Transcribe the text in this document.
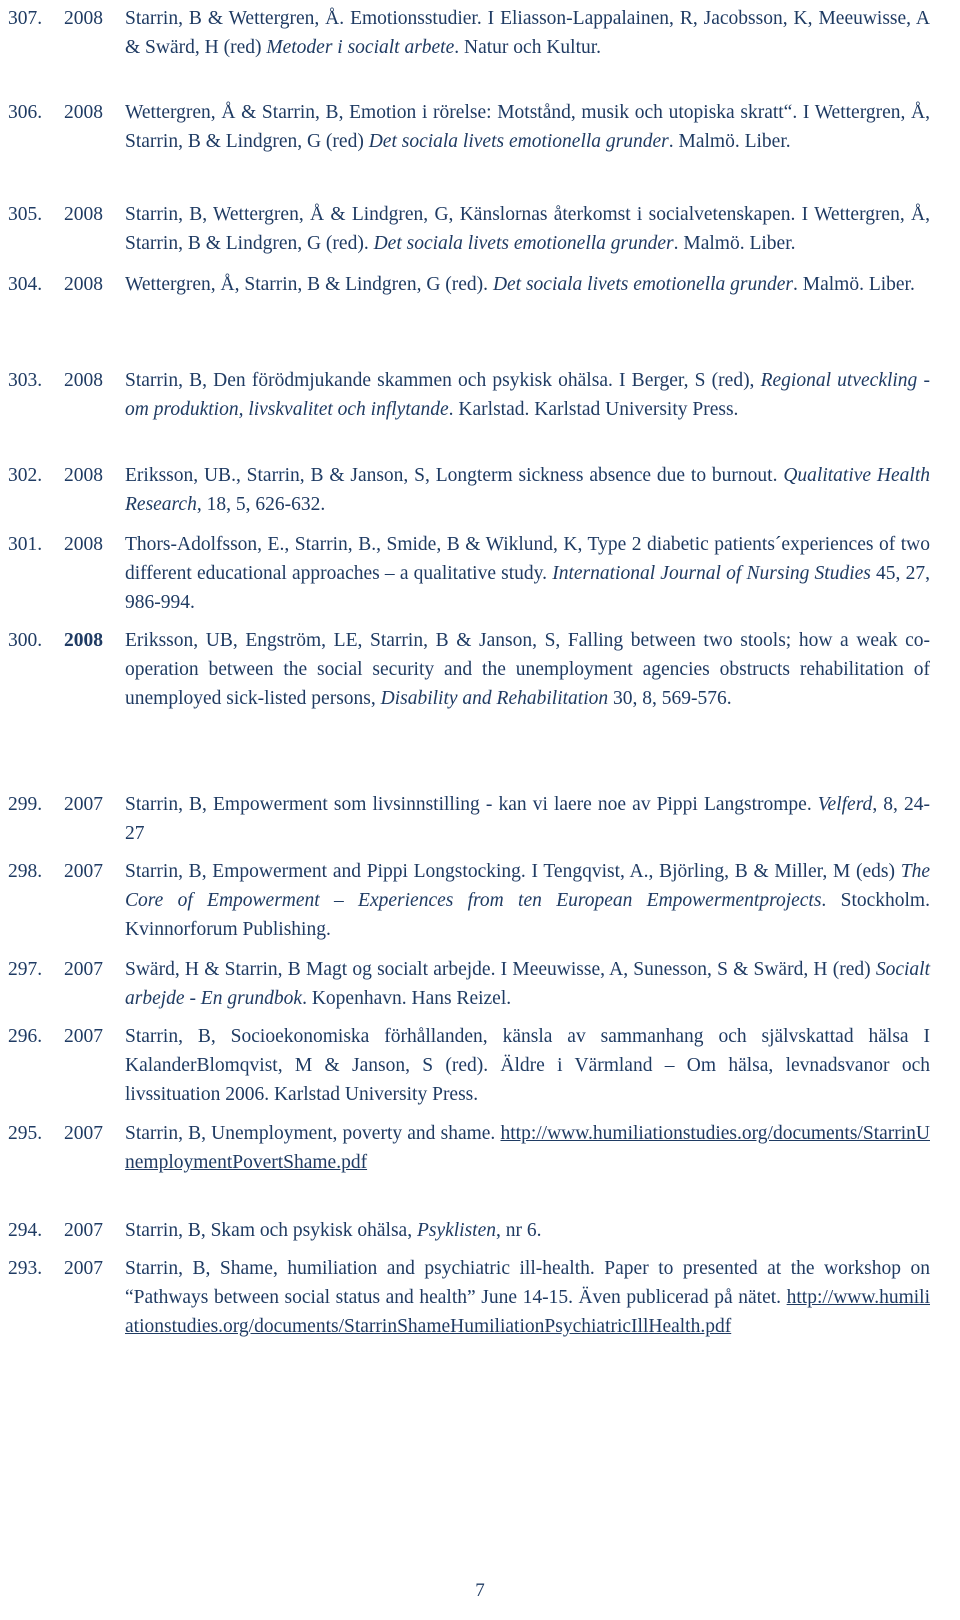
307.	2008	Starrin, B & Wettergren, Å. Emotionsstudier. I Eliasson-Lappalainen, R, Jacobsson, K, Meeuwisse, A & Swärd, H (red) Metoder i socialt arbete. Natur och Kultur.
306.	2008	Wettergren, Å & Starrin, B, Emotion i rörelse: Motstånd, musik och utopiska skratt“. I Wettergren, Å, Starrin, B & Lindgren, G (red) Det sociala livets emotionella grunder. Malmö. Liber.
305.	2008	Starrin, B, Wettergren, Å & Lindgren, G, Känslornas återkomst i socialvetenskapen. I Wettergren, Å, Starrin, B & Lindgren, G (red). Det sociala livets emotionella grunder. Malmö. Liber.
304.	2008	Wettergren, Å, Starrin, B & Lindgren, G (red). Det sociala livets emotionella grunder. Malmö. Liber.
303.	2008	Starrin, B, Den förödmjukande skammen och psykisk ohälsa. I Berger, S (red), Regional utveckling - om produktion, livskvalitet och inflytande. Karlstad. Karlstad University Press.
302.	2008	Eriksson, UB., Starrin, B & Janson, S, Longterm sickness absence due to burnout. Qualitative Health Research, 18, 5, 626-632.
301.	2008	Thors-Adolfsson, E., Starrin, B., Smide, B & Wiklund, K, Type 2 diabetic patients´experiences of two different educational approaches – a qualitative study. International Journal of Nursing Studies 45, 27, 986-994.
300.	2008	Eriksson, UB, Engström, LE, Starrin, B & Janson, S, Falling between two stools; how a weak co-operation between the social security and the unemployment agencies obstructs rehabilitation of unemployed sick-listed persons, Disability and Rehabilitation 30, 8, 569-576.
299.	2007	Starrin, B, Empowerment som livsinnstilling - kan vi laere noe av Pippi Langstrompe. Velferd, 8, 24-27
298.	2007	Starrin, B, Empowerment and Pippi Longstocking. I Tengqvist, A., Björling, B & Miller, M (eds) The Core of Empowerment – Experiences from ten European Empowermentprojects. Stockholm. Kvinnorforum Publishing.
297.	2007	Swärd, H & Starrin, B Magt og socialt arbejde. I Meeuwisse, A, Sunesson, S & Swärd, H (red) Socialt arbejde - En grundbok. Kopenhavn. Hans Reizel.
296.	2007	Starrin, B, Socioekonomiska förhållanden, känsla av sammanhang och självskattad hälsa I KalanderBlomqvist, M & Janson, S (red). Äldre i Värmland – Om hälsa, levnadsvanor och livssituation 2006. Karlstad University Press.
295.	2007	Starrin, B, Unemployment, poverty and shame. http://www.humiliationstudies.org/documents/StarrinUnemploymentPovertShame.pdf
294.	2007	Starrin, B, Skam och psykisk ohälsa, Psyklisten, nr 6.
293.	2007	Starrin, B, Shame, humiliation and psychiatric ill-health. Paper to presented at the workshop on “Pathways between social status and health” June 14-15. Även publicerad på nätet. http://www.humiliationstudies.org/documents/StarrinShameHumiliationPsychiatricIllHealth.pdf
7
